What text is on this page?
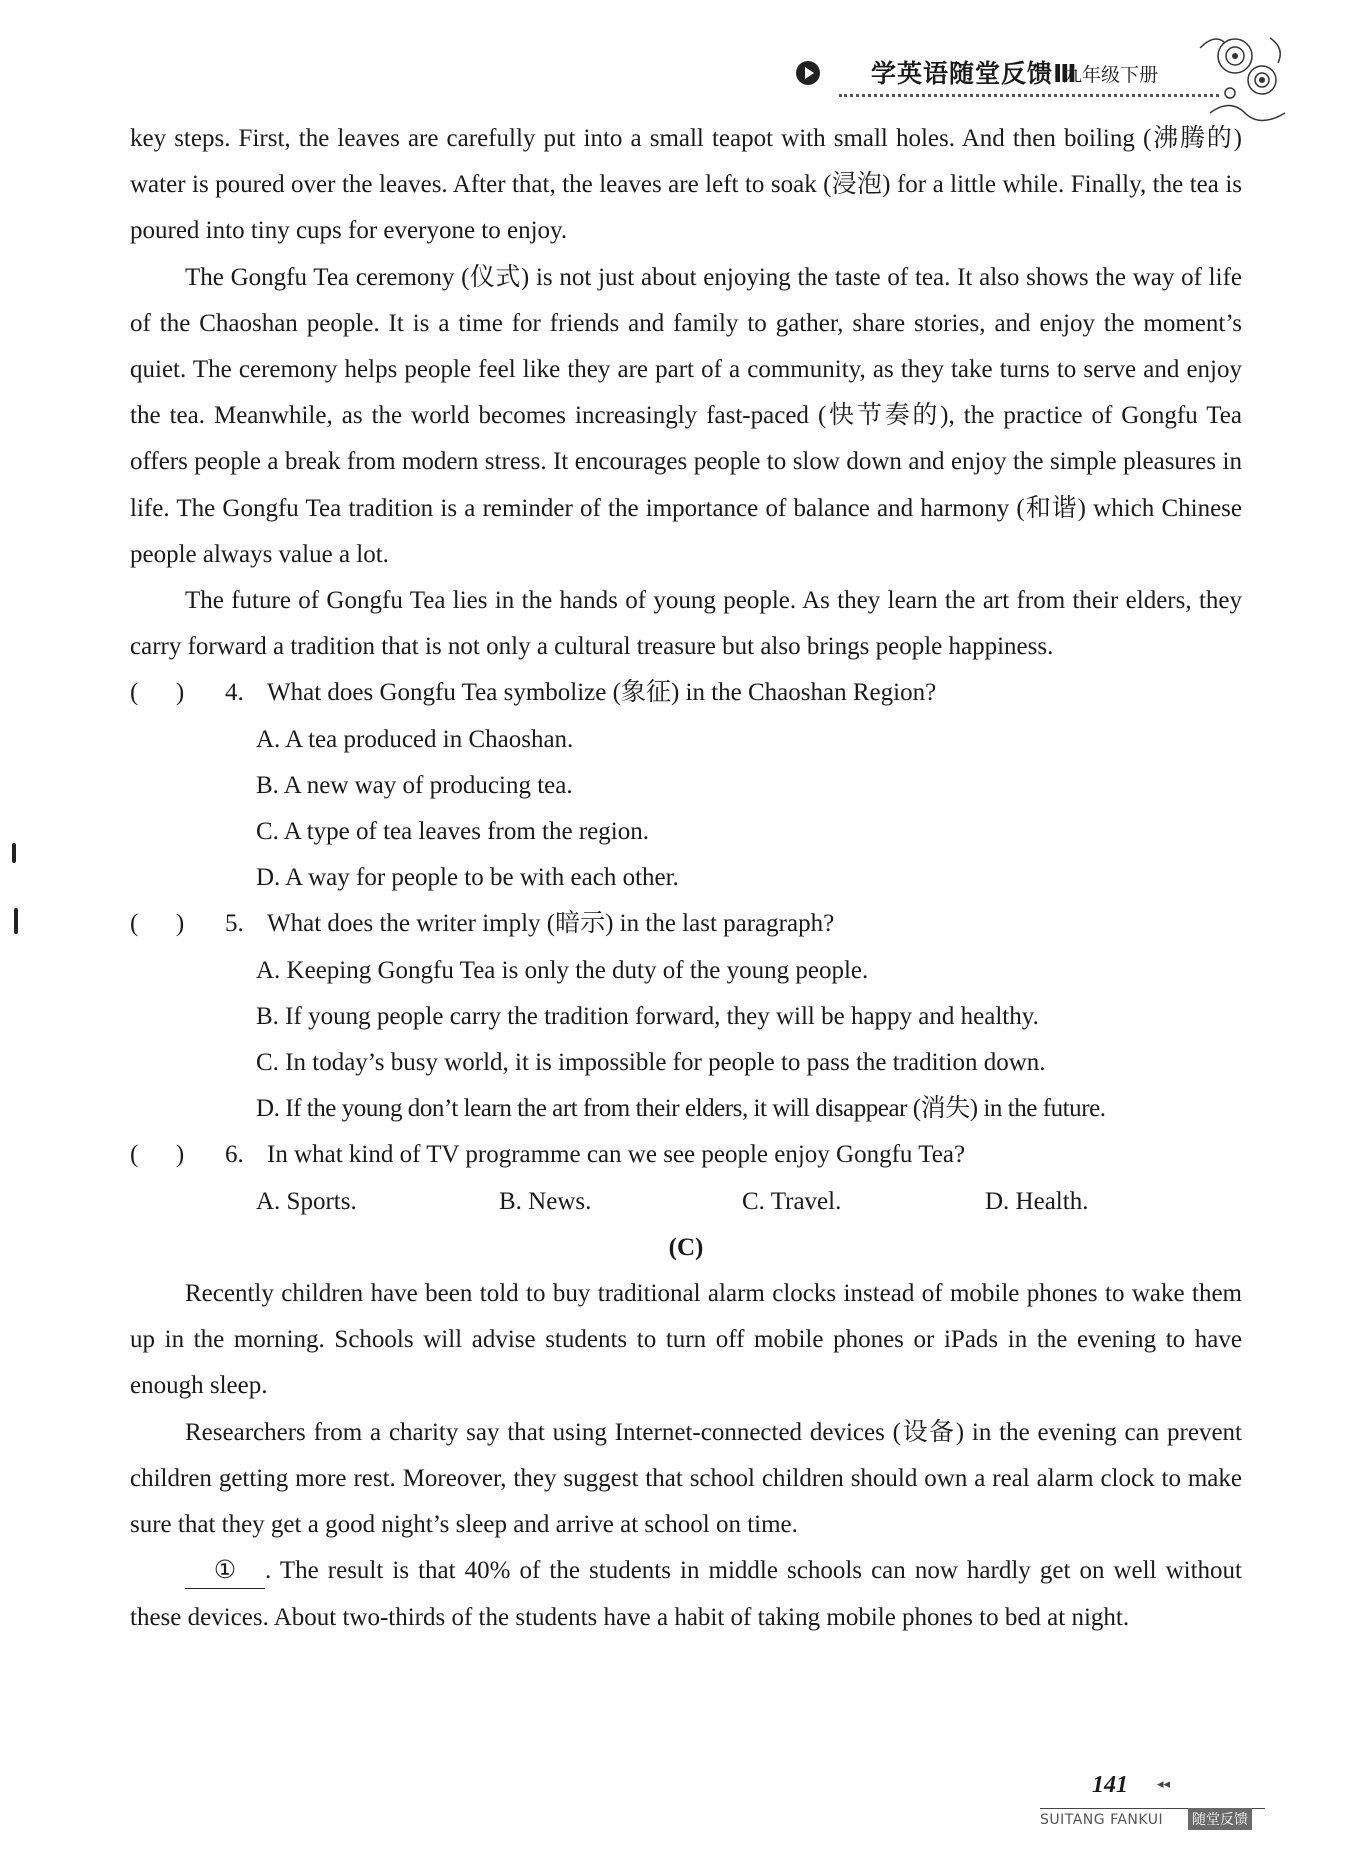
学英语随堂反馈Ⅲ
九年级下册

key steps. First, the leaves are carefully put into a small teapot with small holes. And then boiling (沸腾的) water is poured over the leaves. After that, the leaves are left to soak (浸泡) for a little while. Finally, the tea is poured into tiny cups for everyone to enjoy.

The Gongfu Tea ceremony (仪式) is not just about enjoying the taste of tea. It also shows the way of life of the Chaoshan people. It is a time for friends and family to gather, share stories, and enjoy the moment’s quiet. The ceremony helps people feel like they are part of a community, as they take turns to serve and enjoy the tea. Meanwhile, as the world becomes increasingly fast-paced (快节奏的), the practice of Gongfu Tea offers people a break from modern stress. It encourages people to slow down and enjoy the simple pleasures in life. The Gongfu Tea tradition is a reminder of the importance of balance and harmony (和谐) which Chinese people always value a lot.

The future of Gongfu Tea lies in the hands of young people. As they learn the art from their elders, they carry forward a tradition that is not only a cultural treasure but also brings people happiness.

(      )	4. What does Gongfu Tea symbolize (象征) in the Chaoshan Region?
A. A tea produced in Chaoshan.
B. A new way of producing tea.
C. A type of tea leaves from the region.
D. A way for people to be with each other.
(      )	5. What does the writer imply (暗示) in the last paragraph?
A. Keeping Gongfu Tea is only the duty of the young people.
B. If young people carry the tradition forward, they will be happy and healthy.
C. In today’s busy world, it is impossible for people to pass the tradition down.
D. If the young don’t learn the art from their elders, it will disappear (消失) in the future.
(      )	6. In what kind of TV programme can we see people enjoy Gongfu Tea?
A. Sports.	B. News.	C. Travel.	D. Health.
(C)

Recently children have been told to buy traditional alarm clocks instead of mobile phones to wake them up in the morning. Schools will advise students to turn off mobile phones or iPads in the evening to have enough sleep.

Researchers from a charity say that using Internet-connected devices (设备) in the evening can prevent children getting more rest. Moreover, they suggest that school children should own a real alarm clock to make sure that they get a good night’s sleep and arrive at school on time.

① . The result is that 40% of the students in middle schools can now hardly get on well without these devices. About two-thirds of the students have a habit of taking mobile phones to bed at night.

141 ◂◂
SUITANG FANKUI 随堂反馈
